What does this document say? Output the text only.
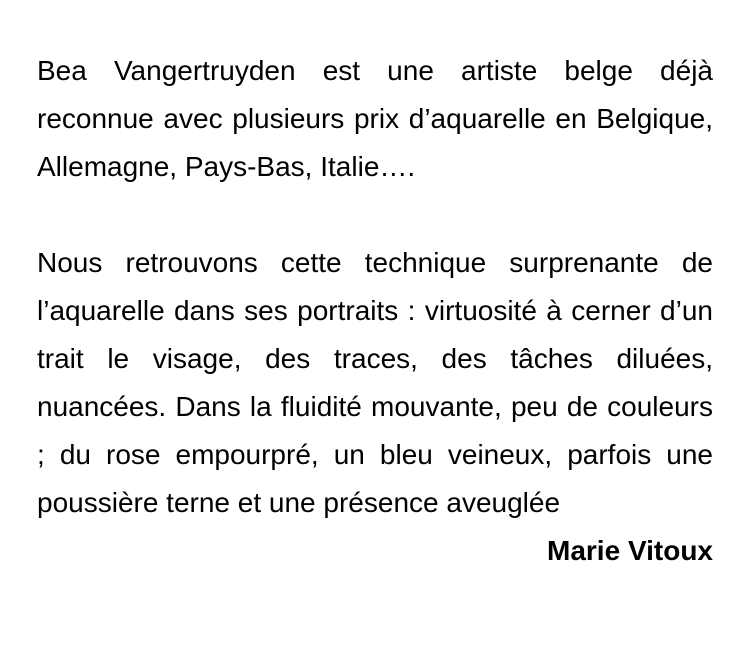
Bea Vangertruyden est une artiste belge déjà reconnue avec plusieurs prix d’aquarelle en Belgique, Allemagne, Pays-Bas, Italie….

Nous retrouvons cette technique surprenante de l’aquarelle dans ses portraits : virtuosité à cerner d’un trait le visage, des traces, des tâches diluées, nuancées. Dans la fluidité mouvante, peu de couleurs ; du rose empourpré, un bleu veineux, parfois une poussière terne et une présence aveuglée

Marie Vitoux
